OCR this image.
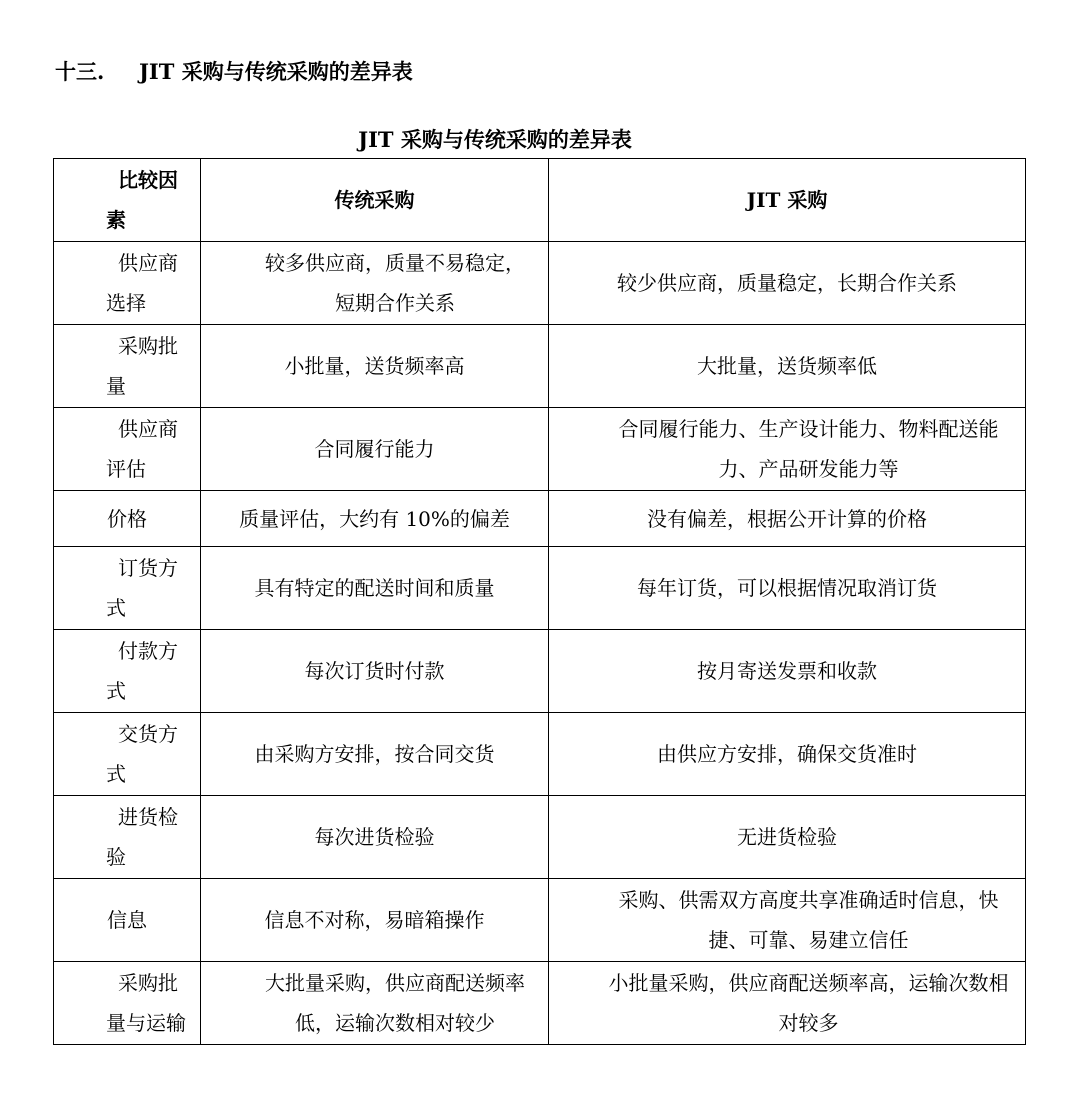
十三. JIT 采购与传统采购的差异表
JIT 采购与传统采购的差异表
比较因素	传统采购	JIT 采购
供应商选择	较多供应商，质量不易稳定，短期合作关系	较少供应商，质量稳定，长期合作关系
采购批量	小批量，送货频率高	大批量，送货频率低
供应商评估	合同履行能力	合同履行能力、生产设计能力、物料配送能力、产品研发能力等
价格	质量评估，大约有 10%的偏差	没有偏差，根据公开计算的价格
订货方式	具有特定的配送时间和质量	每年订货，可以根据情况取消订货
付款方式	每次订货时付款	按月寄送发票和收款
交货方式	由采购方安排，按合同交货	由供应方安排，确保交货准时
进货检验	每次进货检验	无进货检验
信息	信息不对称，易暗箱操作	采购、供需双方高度共享准确适时信息，快捷、可靠、易建立信任
采购批量与运输	大批量采购，供应商配送频率低，运输次数相对较少	小批量采购，供应商配送频率高，运输次数相对较多
